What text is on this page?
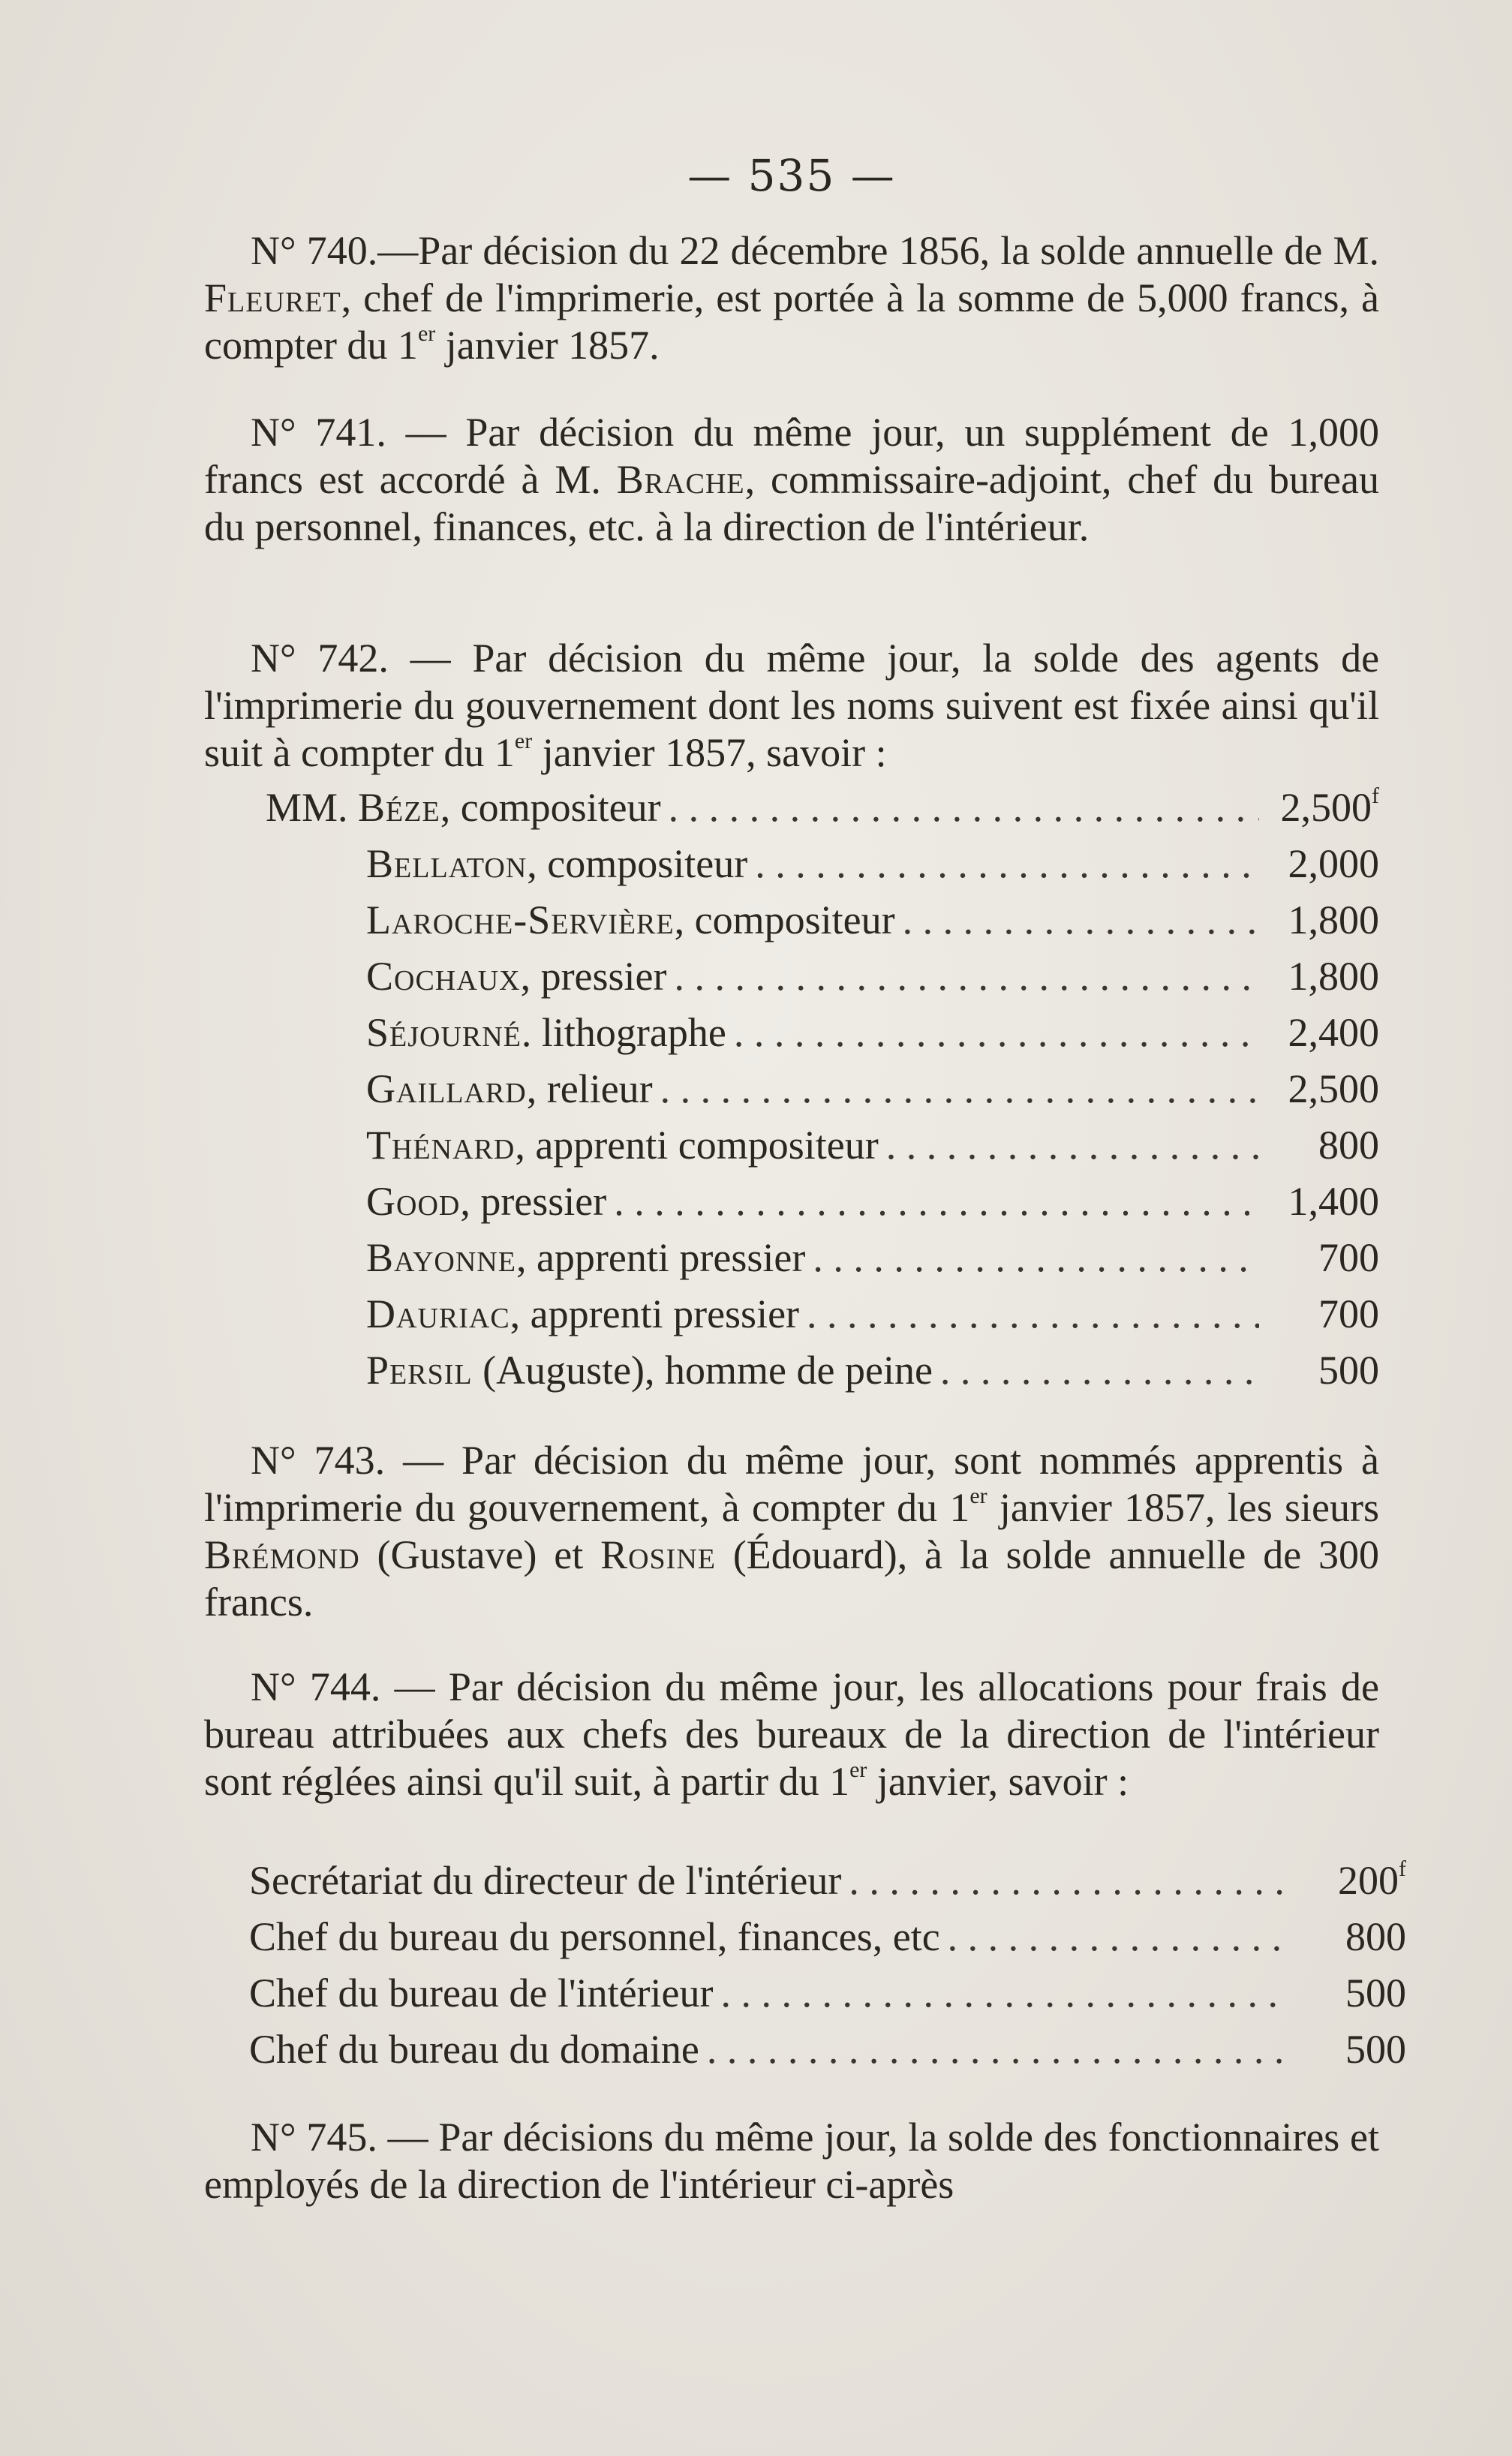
— 535 —
N° 740.—Par décision du 22 décembre 1856, la solde annuelle de M. Fleuret, chef de l'imprimerie, est portée à la somme de 5,000 francs, à compter du 1er janvier 1857.
N° 741. — Par décision du même jour, un supplément de 1,000 francs est accordé à M. Brache, commissaire-adjoint, chef du bureau du personnel, finances, etc. à la direction de l'intérieur.
N° 742. — Par décision du même jour, la solde des agents de l'imprimerie du gouvernement dont les noms suivent est fixée ainsi qu'il suit à compter du 1er janvier 1857, savoir :
MM. Béze, compositeur . . .	2,500$^f$
Bellaton, compositeur . . .	2,000
Laroche-Servière, compositeur . . .	1,800
Cochaux, pressier . . .	1,800
Séjourné. lithographe . . .	2,400
Gaillard, relieur . . .	2,500
Thénard, apprenti compositeur . . .	800
Good, pressier . . .	1,400
Bayonne, apprenti pressier . . .	700
Dauriac, apprenti pressier . . .	700
Persil (Auguste), homme de peine . . .	500
N° 743. — Par décision du même jour, sont nommés apprentis à l'imprimerie du gouvernement, à compter du 1er janvier 1857, les sieurs Brémond (Gustave) et Rosine (Édouard), à la solde annuelle de 300 francs.
N° 744. — Par décision du même jour, les allocations pour frais de bureau attribuées aux chefs des bureaux de la direction de l'intérieur sont réglées ainsi qu'il suit, à partir du 1er janvier, savoir :
Secrétariat du directeur de l'intérieur . . .	200$^f$
Chef du bureau du personnel, finances, etc . . .	800
Chef du bureau de l'intérieur . . .	500
Chef du bureau du domaine . . .	500
N° 745. — Par décisions du même jour, la solde des fonctionnaires et employés de la direction de l'intérieur ci-après
